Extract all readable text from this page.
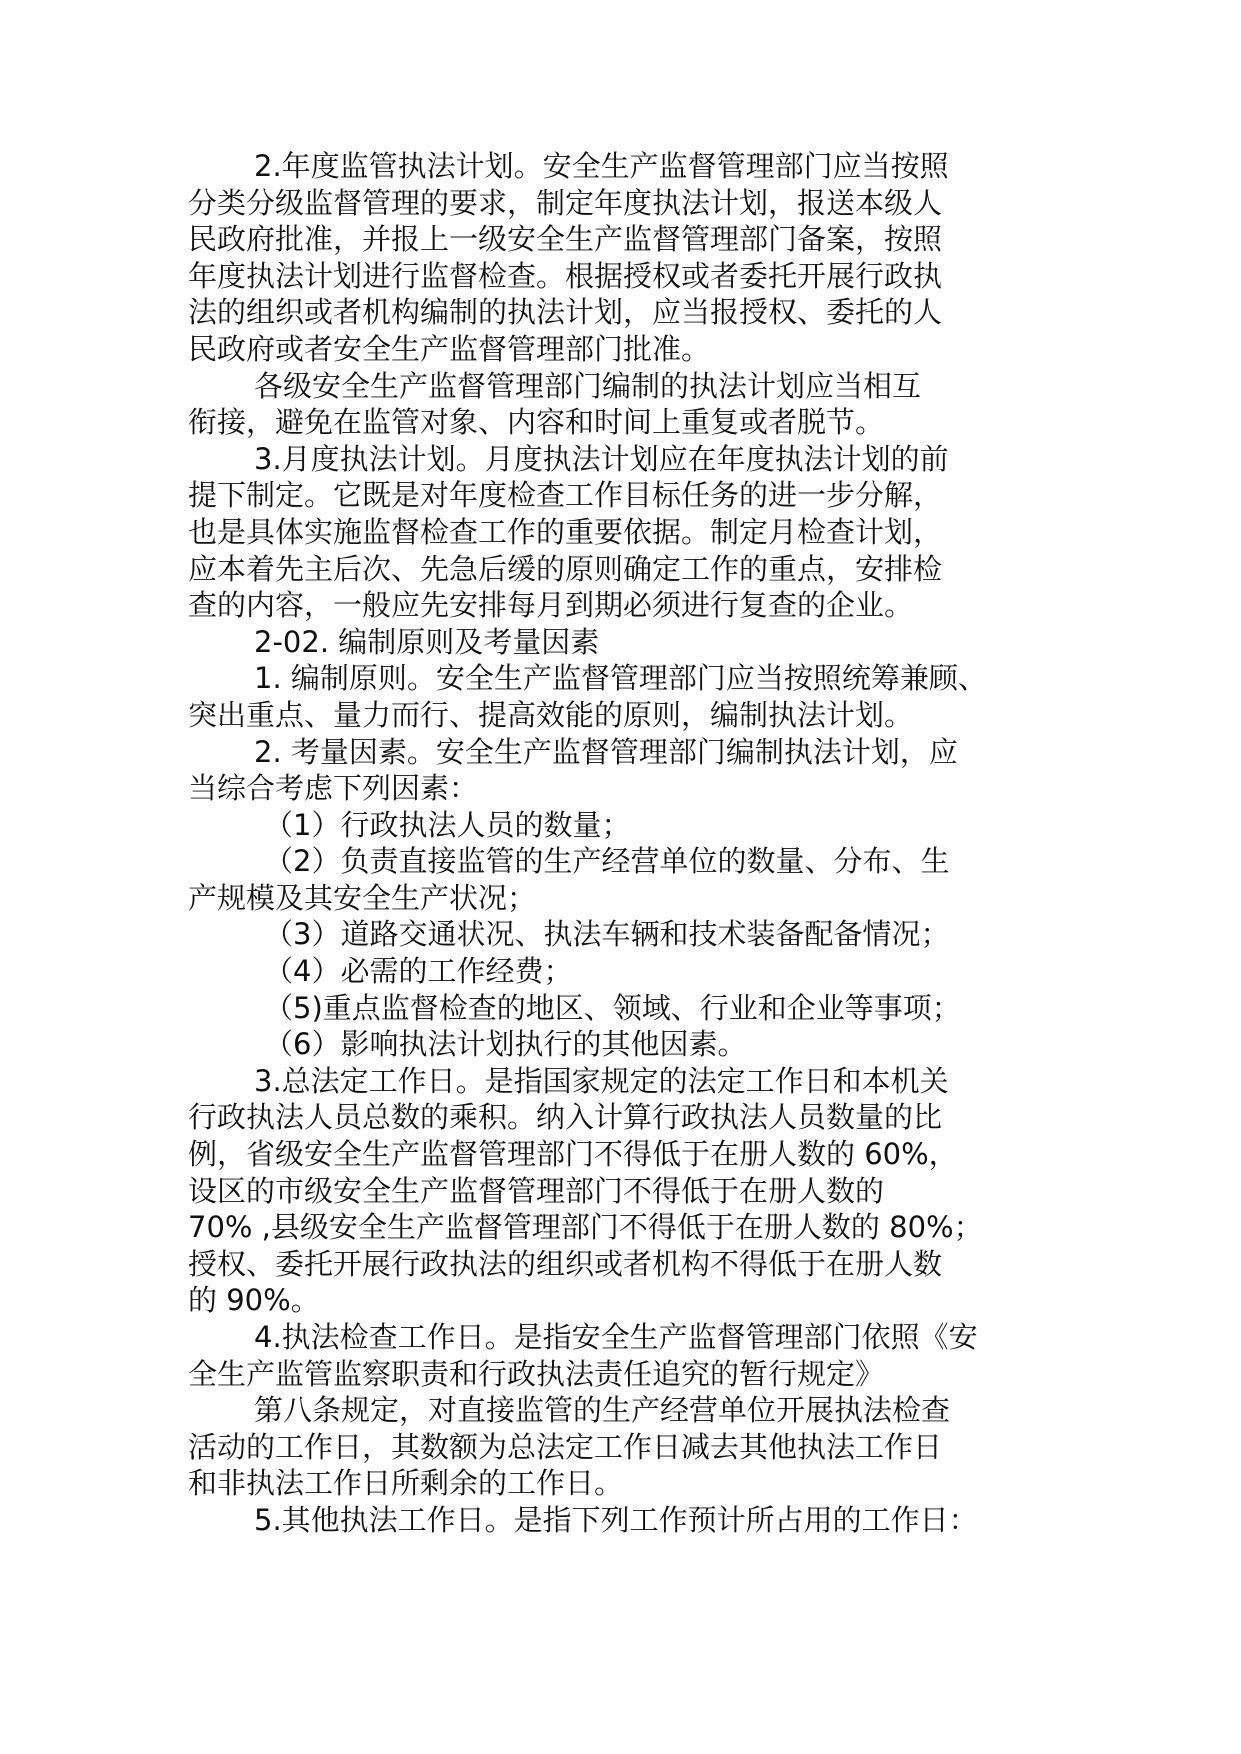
2.年度监管执法计划。安全生产监督管理部门应当按照

分类分级监督管理的要求，制定年度执法计划，报送本级人

民政府批准，并报上一级安全生产监督管理部门备案，按照

年度执法计划进行监督检查。根据授权或者委托开展行政执

法的组织或者机构编制的执法计划，应当报授权、委托的人

民政府或者安全生产监督管理部门批准。

各级安全生产监督管理部门编制的执法计划应当相互

衔接，避免在监管对象、内容和时间上重复或者脱节。

3.月度执法计划。月度执法计划应在年度执法计划的前

提下制定。它既是对年度检查工作目标任务的进一步分解，

也是具体实施监督检查工作的重要依据。制定月检查计划，

应本着先主后次、先急后缓的原则确定工作的重点，安排检

查的内容，一般应先安排每月到期必须进行复查的企业。

2-02. 编制原则及考量因素

1. 编制原则。安全生产监督管理部门应当按照统筹兼顾、

突出重点、量力而行、提高效能的原则，编制执法计划。

2. 考量因素。安全生产监督管理部门编制执法计划，应

当综合考虑下列因素：

（1）行政执法人员的数量；

（2）负责直接监管的生产经营单位的数量、分布、生

产规模及其安全生产状况；

（3）道路交通状况、执法车辆和技术装备配备情况；

（4）必需的工作经费；

（5)重点监督检查的地区、领域、行业和企业等事项；

（6）影响执法计划执行的其他因素。

3.总法定工作日。是指国家规定的法定工作日和本机关

行政执法人员总数的乘积。纳入计算行政执法人员数量的比

例，省级安全生产监督管理部门不得低于在册人数的 60%，

设区的市级安全生产监督管理部门不得低于在册人数的

70% ,县级安全生产监督管理部门不得低于在册人数的 80%；

授权、委托开展行政执法的组织或者机构不得低于在册人数

的 90%。

4.执法检查工作日。是指安全生产监督管理部门依照《安

全生产监管监察职责和行政执法责任追究的暂行规定》

第八条规定，对直接监管的生产经营单位开展执法检查

活动的工作日，其数额为总法定工作日减去其他执法工作日

和非执法工作日所剩余的工作日。

5.其他执法工作日。是指下列工作预计所占用的工作日：
